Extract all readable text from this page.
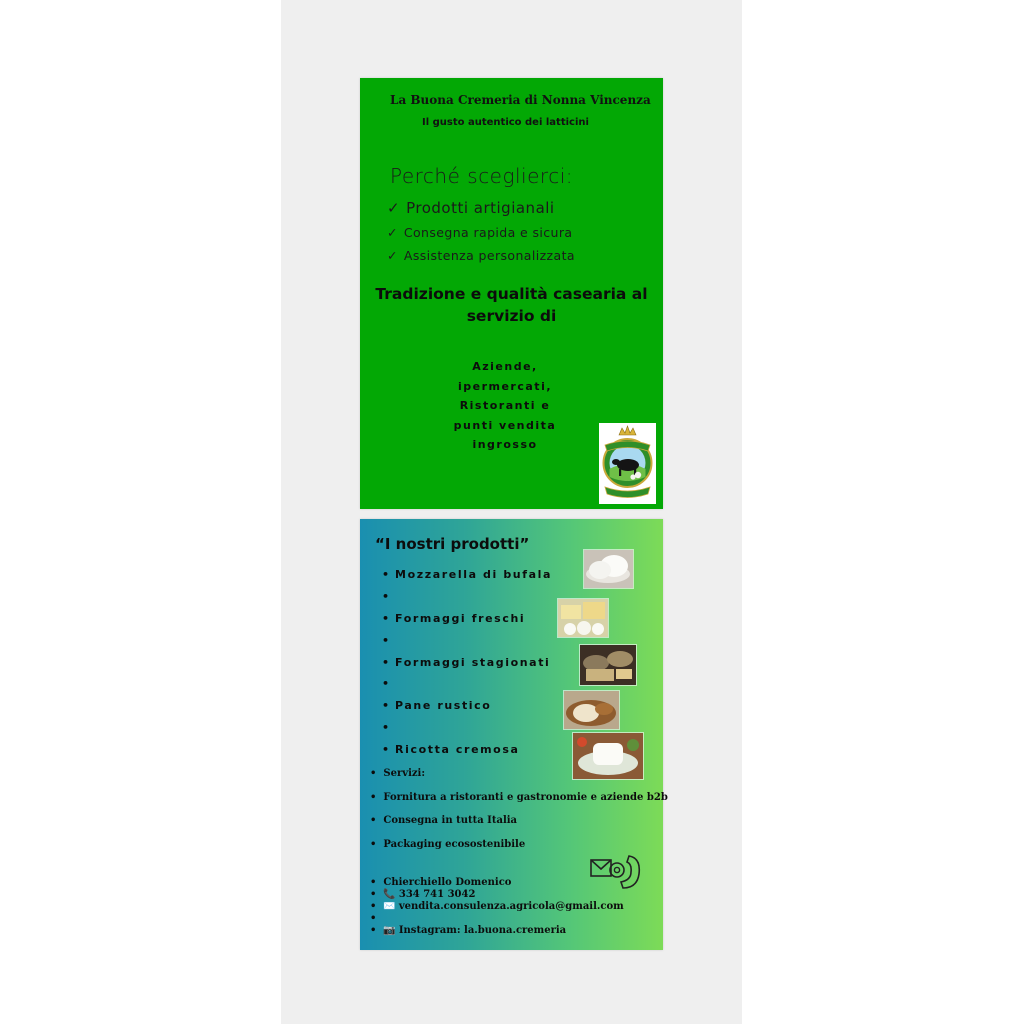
La Buona Cremeria di Nonna Vincenza
Il gusto autentico dei latticini
Perché sceglierci:
✓ Prodotti artigianali
✓ Consegna rapida e sicura
✓ Assistenza personalizzata
Tradizione e qualità casearia al servizio di
Aziende,
ipermercati,
Ristoranti e
punti vendita
ingrosso
“I nostri prodotti”
• Mozzarella di bufala
•
• Formaggi freschi
•
• Formaggi stagionati
•
• Pane rustico
•
• Ricotta cremosa
• Servizi:
• Fornitura a ristoranti e gastronomie e aziende b2b
• Consegna in tutta Italia
• Packaging ecosostenibile
• Chierchiello Domenico
• 📞 334 741 3042
• ✉️ vendita.consulenza.agricola@gmail.com
•
• 📷 Instagram: la.buona.cremeria
